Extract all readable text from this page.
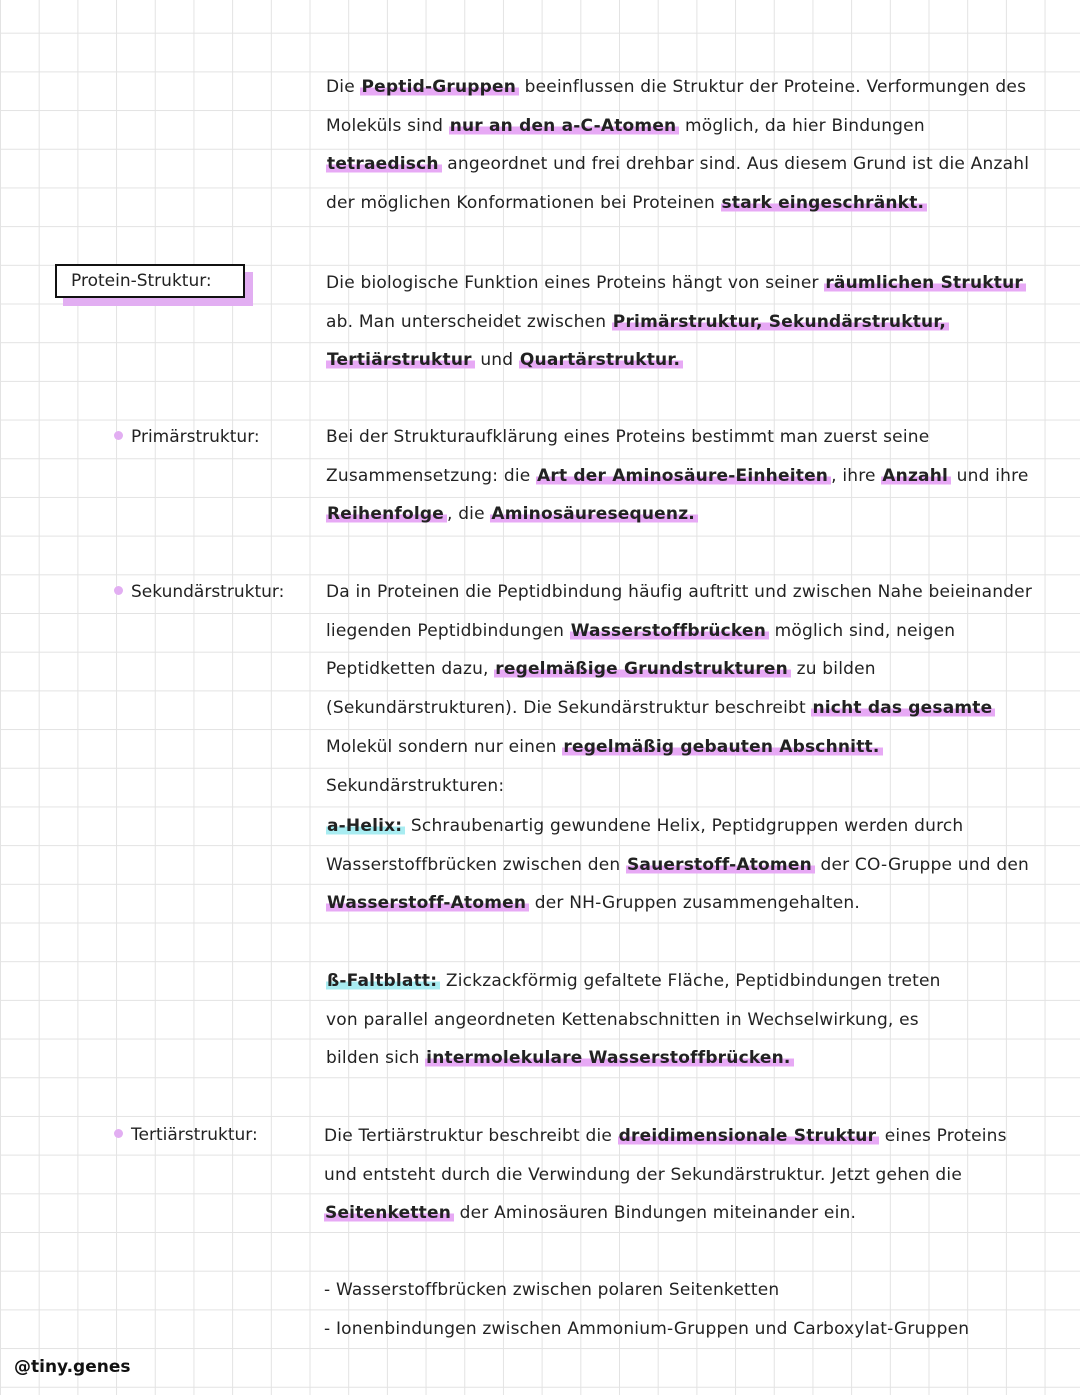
Die Peptid-Gruppen beeinflussen die Struktur der Proteine. Verformungen des Moleküls sind nur an den a-C-Atomen möglich, da hier Bindungen tetraedisch angeordnet und frei drehbar sind. Aus diesem Grund ist die Anzahl der möglichen Konformationen bei Proteinen stark eingeschränkt.

Protein-Struktur:	Die biologische Funktion eines Proteins hängt von seiner räumlichen Struktur ab. Man unterscheidet zwischen Primärstruktur, Sekundärstruktur, Tertiärstruktur und Quartärstruktur.

Primärstruktur:	Bei der Strukturaufklärung eines Proteins bestimmt man zuerst seine Zusammensetzung: die Art der Aminosäure-Einheiten , ihre Anzahl und ihre Reihenfolge , die Aminosäuresequenz.

Sekundärstruktur: Da in Proteinen die Peptidbindung häufig auftritt und zwischen Nahe beieinander liegenden Peptidbindungen Wasserstoffbrücken möglich sind, neigen Peptidketten dazu, regelmäßige Grundstrukturen zu bilden (Sekundärstrukturen). Die Sekundärstruktur beschreibt nicht das gesamte Molekül sondern nur einen regelmäßig gebauten Abschnitt. Sekundärstrukturen:

a-Helix: Schraubenartig gewundene Helix, Peptidgruppen werden durch Wasserstoffbrücken zwischen den Sauerstoff-Atomen der CO-Gruppe und den Wasserstoff-Atomen der NH-Gruppen zusammengehalten.

ß-Faltblatt: Zickzackförmig gefaltete Fläche, Peptidbindungen treten von parallel angeordneten Kettenabschnitten in Wechselwirkung, es bilden sich intermolekulare Wasserstoffbrücken.

Tertiärstruktur:	Die Tertiärstruktur beschreibt die dreidimensionale Struktur eines Proteins und entsteht durch die Verwindung der Sekundärstruktur. Jetzt gehen die Seitenketten der Aminosäuren Bindungen miteinander ein.

- Wasserstoffbrücken zwischen polaren Seitenketten
- Ionenbindungen zwischen Ammonium-Gruppen und Carboxylat-Gruppen
@tiny.genes
